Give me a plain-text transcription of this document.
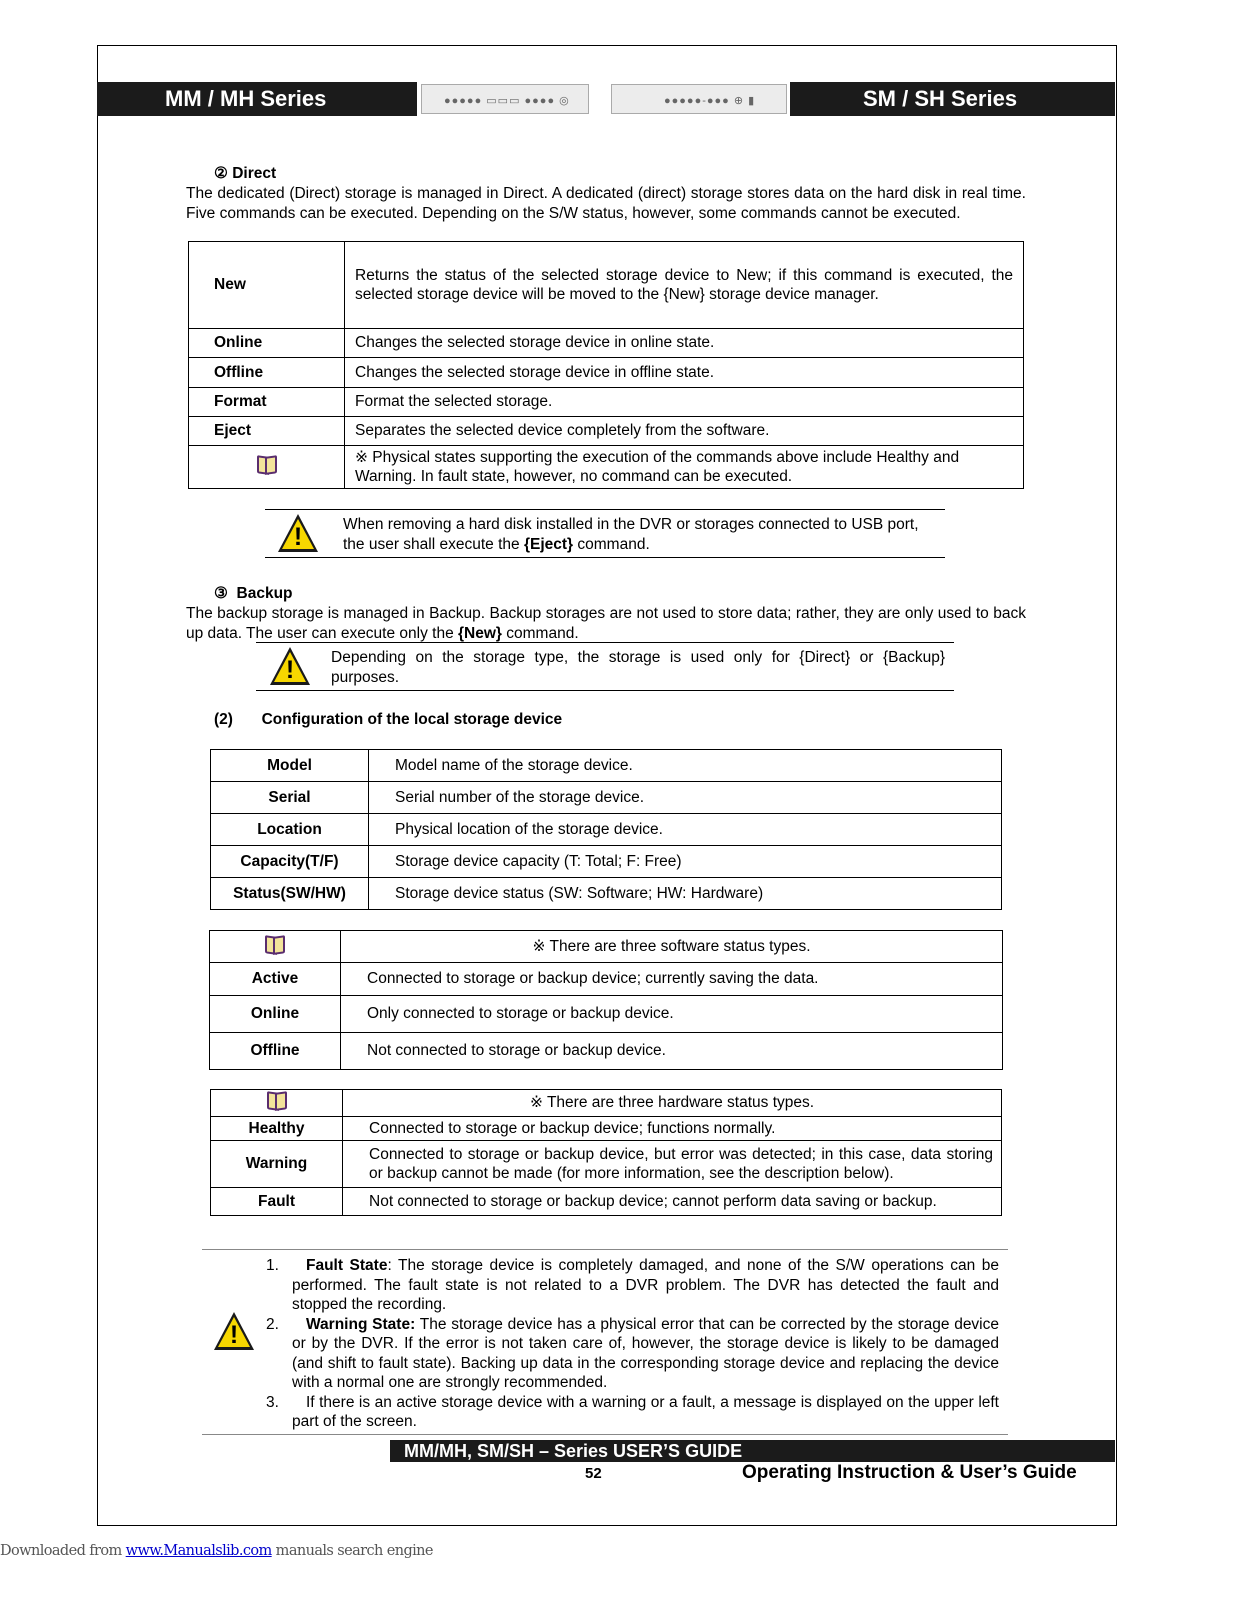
MM / MH Series	●●●●● ▭▭▭ ●●●● ◎	●●●●●-●●● ⊕ ▮	SM / SH Series
② Direct
The dedicated (Direct) storage is managed in Direct. A dedicated (direct) storage stores data on the hard disk in real time. Five commands can be executed. Depending on the S/W status, however, some commands cannot be executed.
New	Returns the status of the selected storage device to New; if this command is executed, the selected storage device will be moved to the {New} storage device manager.
Online	Changes the selected storage device in online state.
Offline	Changes the selected storage device in offline state.
Format	Format the selected storage.
Eject	Separates the selected device completely from the software.
	※ Physical states supporting the execution of the commands above include Healthy and Warning. In fault state, however, no command can be executed.
!	When removing a hard disk installed in the DVR or storages connected to USB port, the user shall execute the {Eject} command.
③ Backup
The backup storage is managed in Backup. Backup storages are not used to store data; rather, they are only used to back up data. The user can execute only the {New} command.
! Depending on the storage type, the storage is used only for {Direct} or {Backup} purposes.
(2) Configuration of the local storage device
Model	Model name of the storage device.
Serial	Serial number of the storage device.
Location	Physical location of the storage device.
Capacity(T/F)	Storage device capacity (T: Total; F: Free)
Status(SW/HW)	Storage device status (SW: Software; HW: Hardware)
	※ There are three software status types.
Active	Connected to storage or backup device; currently saving the data.
Online	Only connected to storage or backup device.
Offline	Not connected to storage or backup device.
	※ There are three hardware status types.
Healthy	Connected to storage or backup device; functions normally.
Warning	Connected to storage or backup device, but error was detected; in this case, data storing or backup cannot be made (for more information, see the description below).
Fault	Not connected to storage or backup device; cannot perform data saving or backup.
!
1. Fault State: The storage device is completely damaged, and none of the S/W operations can be performed. The fault state is not related to a DVR problem. The DVR has detected the fault and stopped the recording.
2. Warning State: The storage device has a physical error that can be corrected by the storage device or by the DVR. If the error is not taken care of, however, the storage device is likely to be damaged (and shift to fault state). Backing up data in the corresponding storage device and replacing the device with a normal one are strongly recommended.
3. If there is an active storage device with a warning or a fault, a message is displayed on the upper left part of the screen.
MM/MH, SM/SH – Series USER’S GUIDE
52	Operating Instruction & User’s Guide
Downloaded from www.Manualslib.com manuals search engine
